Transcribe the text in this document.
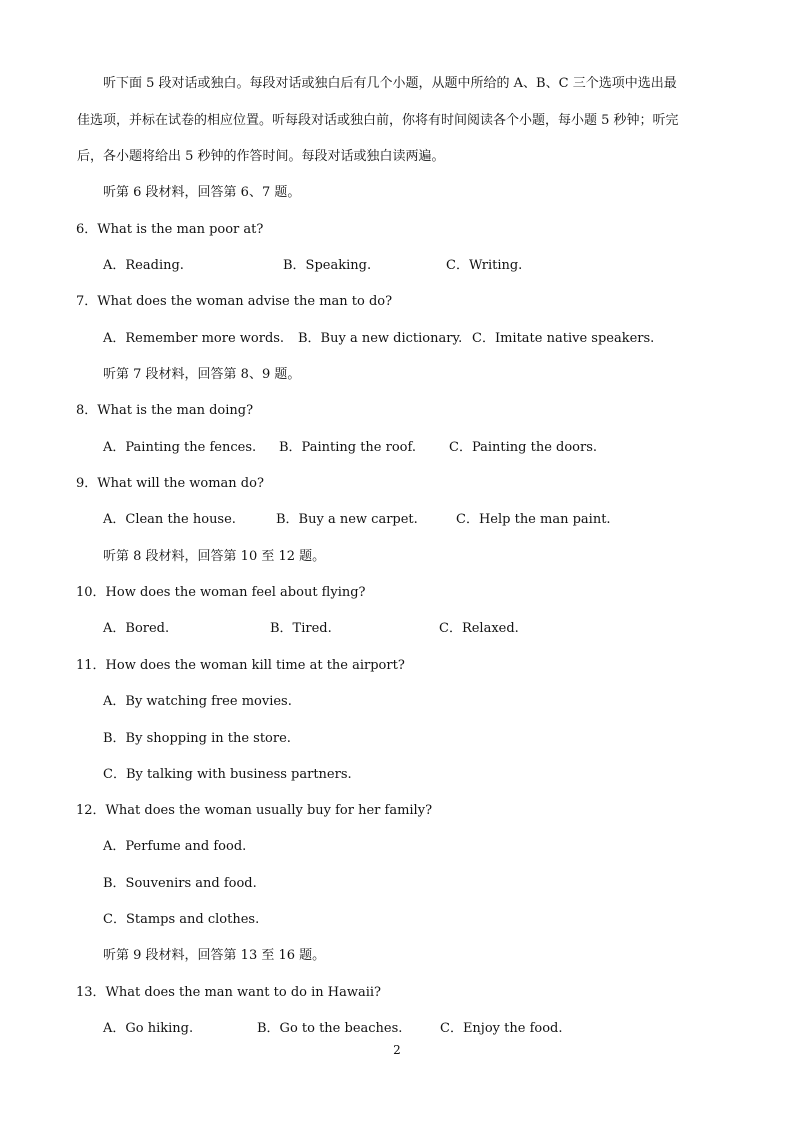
听下面 5 段对话或独白。每段对话或独白后有几个小题，从题中所给的 A、B、C 三个选项中选出最
佳选项，并标在试卷的相应位置。听每段对话或独白前，你将有时间阅读各个小题，每小题 5 秒钟；听完
后，各小题将给出 5 秒钟的作答时间。每段对话或独白读两遍。
听第 6 段材料，回答第 6、7 题。
6．What is the man poor at?
A．Reading.	B．Speaking.	C．Writing.
7．What does the woman advise the man to do?
A．Remember more words. B．Buy a new dictionary. C．Imitate native speakers.
听第 7 段材料，回答第 8、9 题。
8．What is the man doing?
A．Painting the fences. B．Painting the roof.	C．Painting the doors.
9．What will the woman do?
A．Clean the house.	B．Buy a new carpet.	C．Help the man paint.
听第 8 段材料，回答第 10 至 12 题。
10．How does the woman feel about flying?
A．Bored.	B．Tired.	C．Relaxed.
11．How does the woman kill time at the airport?
A．By watching free movies.
B．By shopping in the store.
C．By talking with business partners.
12．What does the woman usually buy for her family?
A．Perfume and food.
B．Souvenirs and food.
C．Stamps and clothes.
听第 9 段材料，回答第 13 至 16 题。
13．What does the man want to do in Hawaii?
A．Go hiking.	B．Go to the beaches.	C．Enjoy the food.
2
